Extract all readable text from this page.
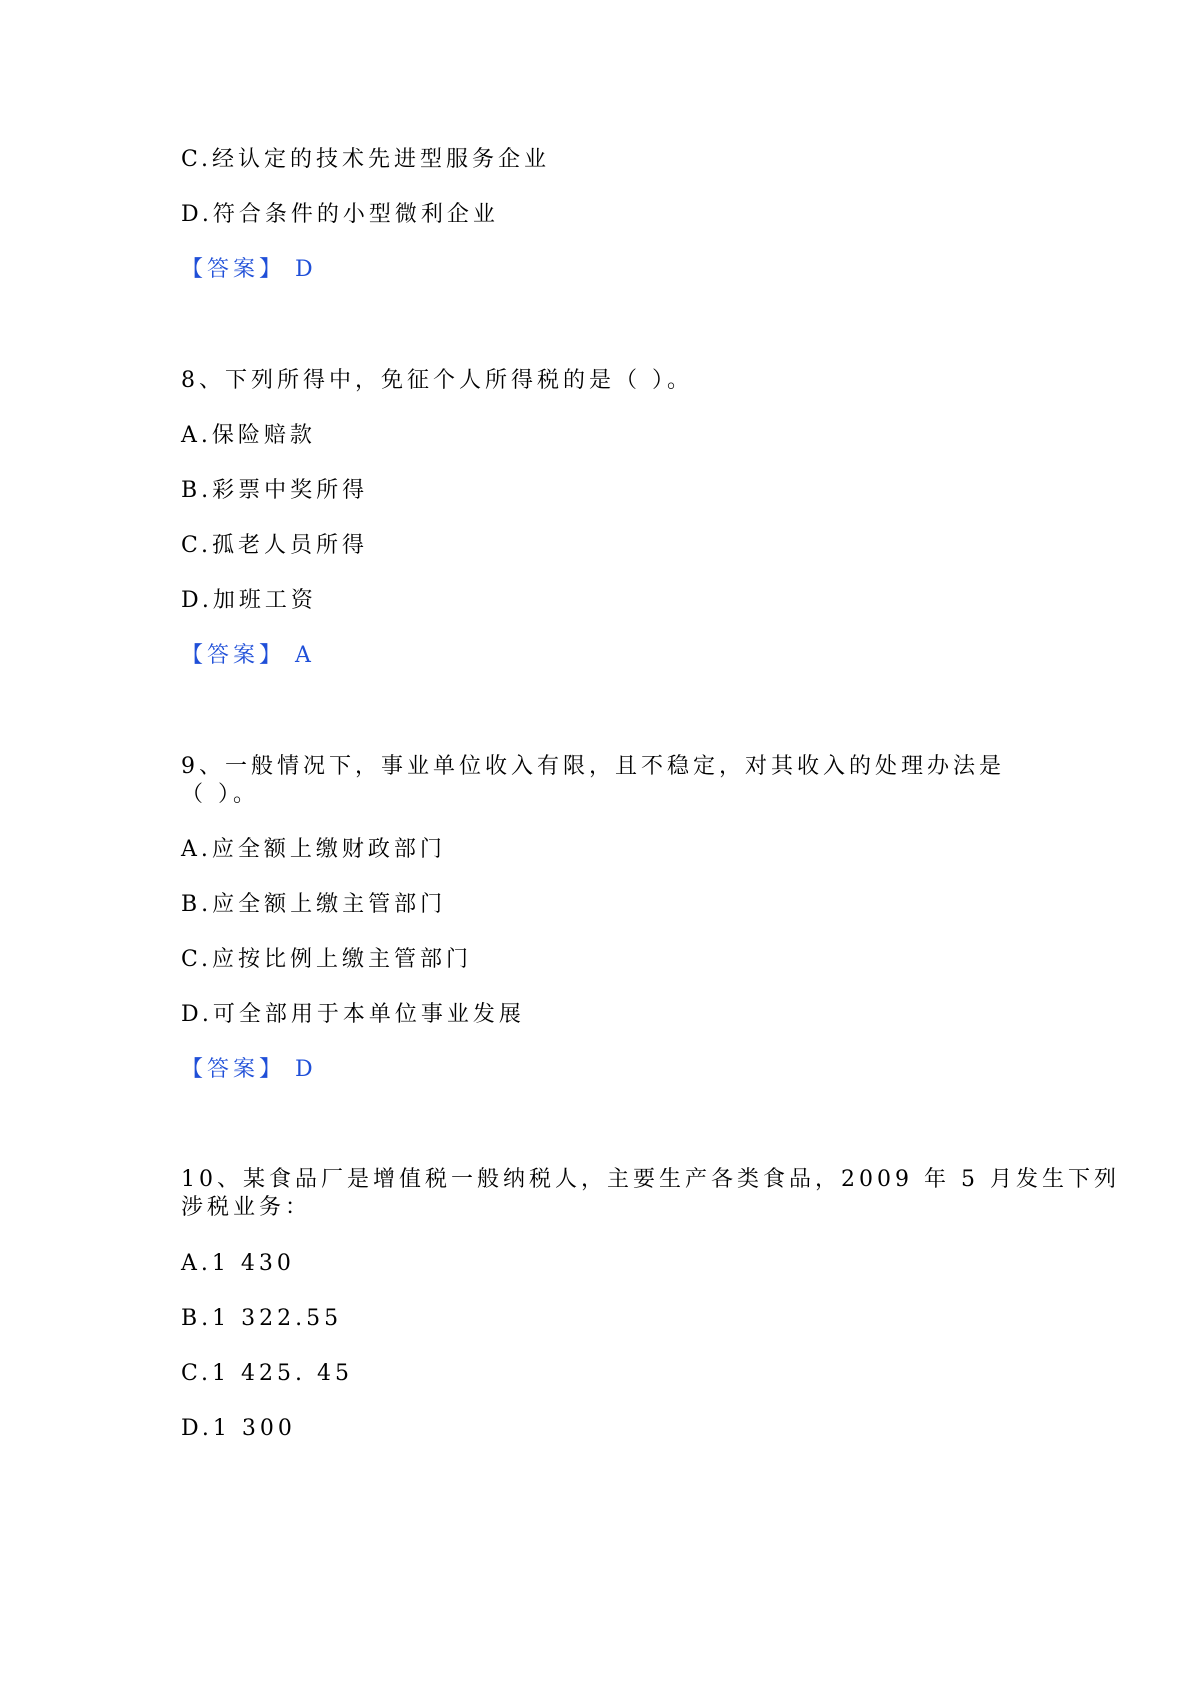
C.经认定的技术先进型服务企业
D.符合条件的小型微利企业
【答案】 D
8、下列所得中，免征个人所得税的是（ ）。
A.保险赔款
B.彩票中奖所得
C.孤老人员所得
D.加班工资
【答案】 A
9、一般情况下，事业单位收入有限，且不稳定，对其收入的处理办法是
（ ）。
A.应全额上缴财政部门
B.应全额上缴主管部门
C.应按比例上缴主管部门
D.可全部用于本单位事业发展
【答案】 D
10、某食品厂是增值税一般纳税人，主要生产各类食品，2009 年 5 月发生下列
涉税业务：
A.1 430
B.1 322.55
C.1 425. 45
D.1 300
